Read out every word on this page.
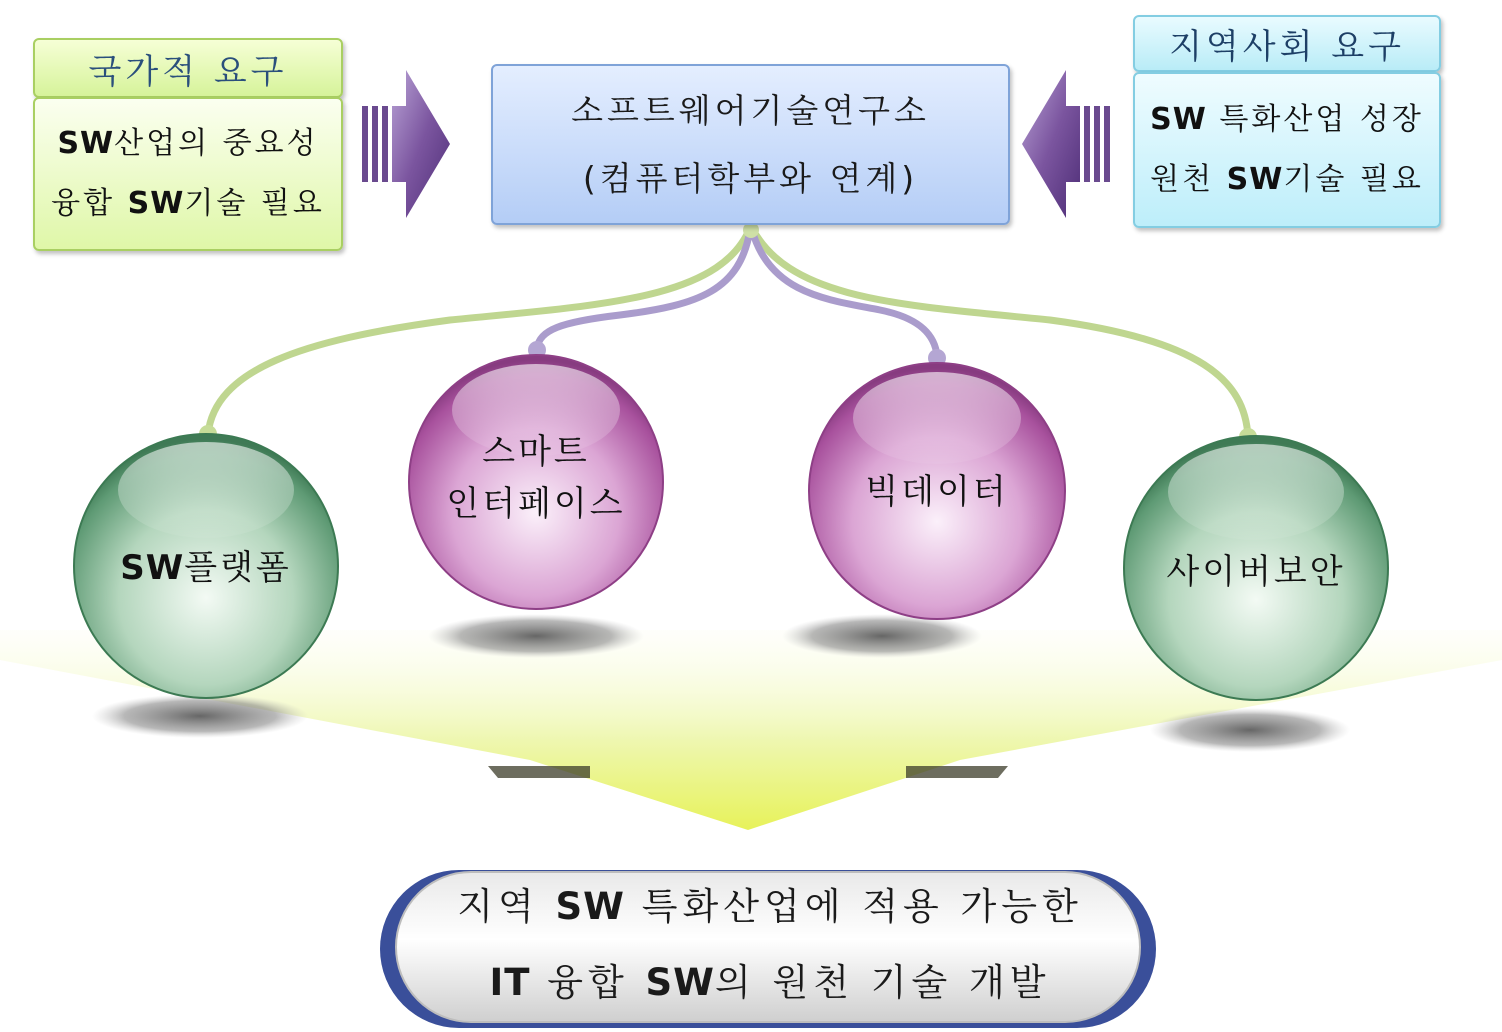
국가적 요구
SW산업의 중요성
융합 SW기술 필요
지역사회 요구
SW 특화산업 성장
원천 SW기술 필요
소프트웨어기술연구소
(컴퓨터학부와 연계)
SW플랫폼
스마트
인터페이스	빅데이터
사이버보안
지역 SW 특화산업에 적용 가능한
IT 융합 SW의 원천 기술 개발
